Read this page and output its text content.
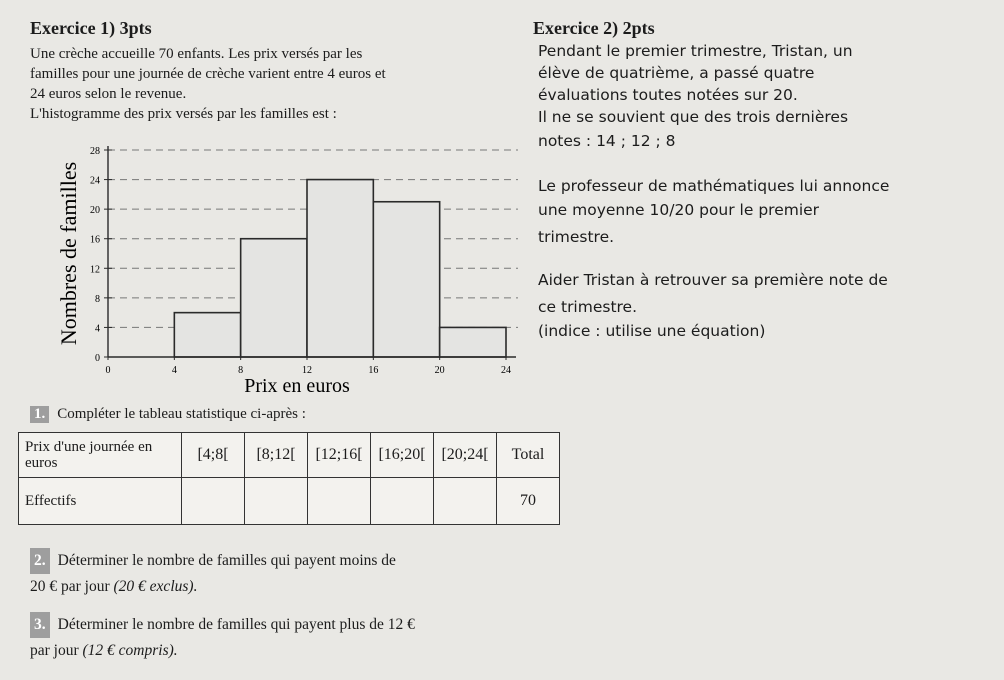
Exercice 1) 3pts	Exercice 2) 2pts
Une crèche accueille 70 enfants. Les prix versés par les
familles pour une journée de crèche varient entre 4 euros et
24 euros selon le revenue.
L'histogramme des prix versés par les familles est :
Pendant le premier trimestre, Tristan, un
élève de quatrième, a passé quatre
évaluations toutes notées sur 20.
Il ne se souvient que des trois dernières
notes : 14 ; 12 ; 8
Le professeur de mathématiques lui annonce
une moyenne 10/20 pour le premier
trimestre.
Aider Tristan à retrouver sa première note de
ce trimestre.
(indice : utilise une équation)
0
4
8
12
16
20
24
28
0	4	8	12	16	20	24
Prix en euros
Nombres de familles
1. Compléter le tableau statistique ci-après :
Prix d'une journée en euros	[4;8[	[8;12[	[12;16[	[16;20[	[20;24[	Total
Effectifs						70
2. Déterminer le nombre de familles qui payent moins de
20 € par jour (20 € exclus).
3. Déterminer le nombre de familles qui payent plus de 12 €
par jour (12 € compris).
